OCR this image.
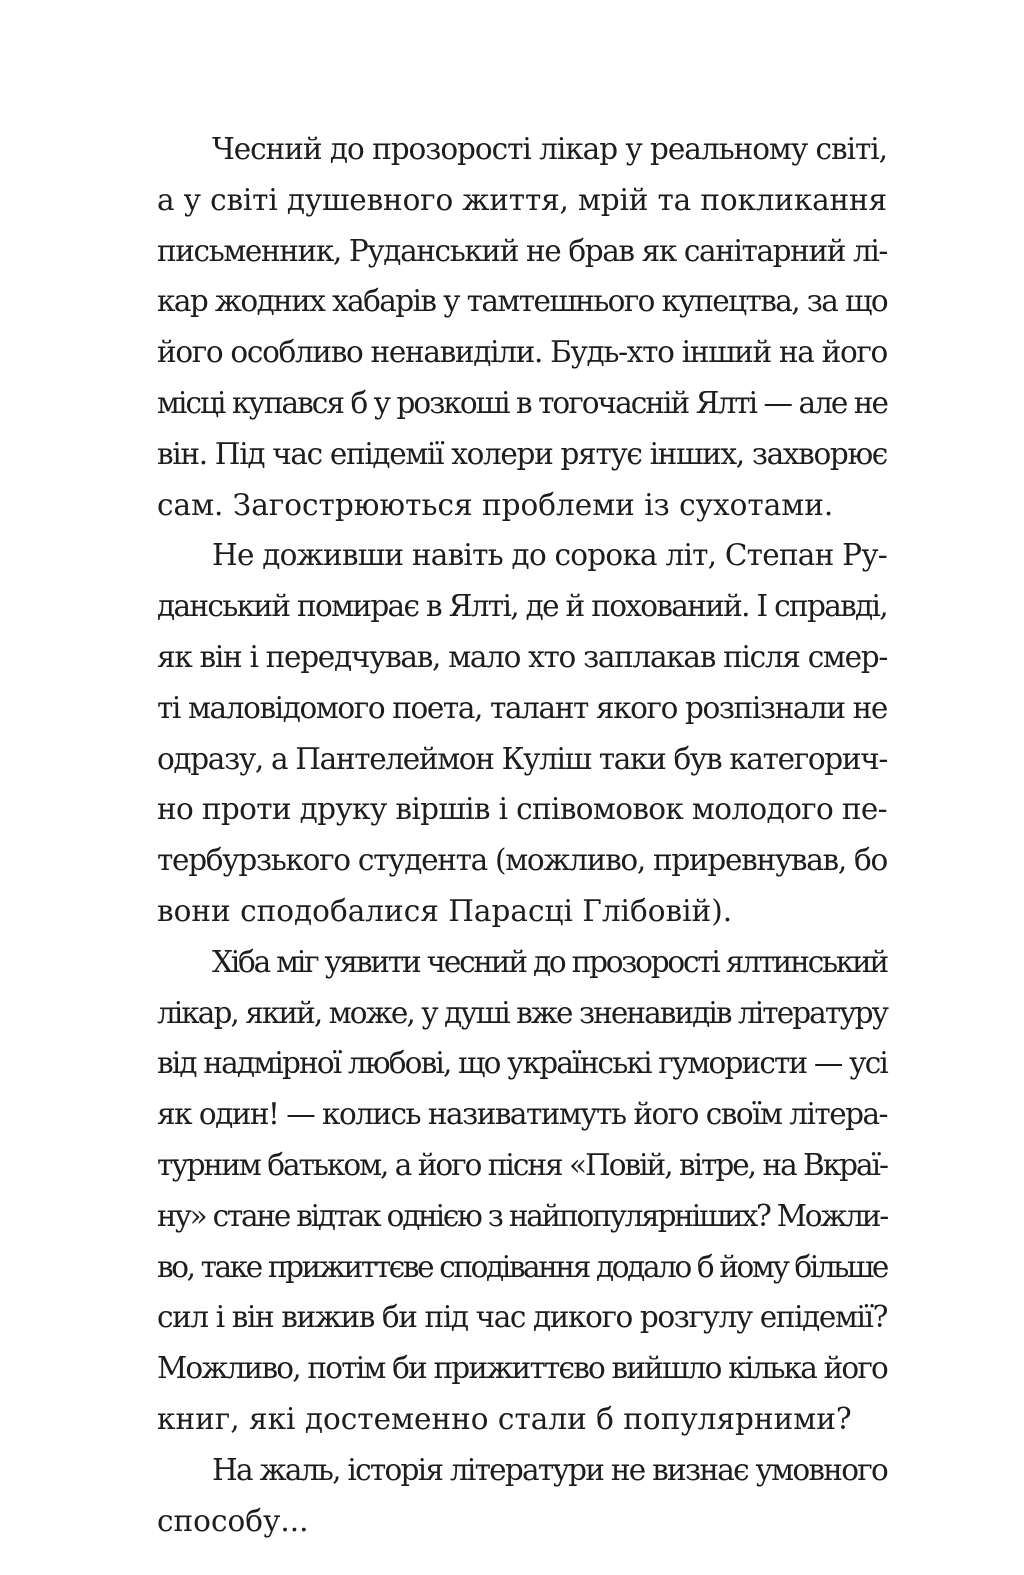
Чесний до прозорості лікар у реальному світі,
а у світі душевного життя, мрій та покликання
письменник, Руданський не брав як санітарний лі-
кар жодних хабарів у тамтешнього купецтва, за що
його особливо ненавиділи. Будь-хто інший на його
місці купався б у розкоші в тогочасній Ялті — але не
він. Під час епідемії холери рятує інших, захворює
сам. Загострюються проблеми із сухотами.
Не доживши навіть до сорока літ, Степан Ру-
данський помирає в Ялті, де й похований. І справді,
як він і передчував, мало хто заплакав після смер-
ті маловідомого поета, талант якого розпізнали не
одразу, а Пантелеймон Куліш таки був категорич-
но проти друку віршів і співомовок молодого пе-
тербурзького студента (можливо, приревнував, бо
вони сподобалися Парасці Глібовій).
Хіба міг уявити чесний до прозорості ялтинський
лікар, який, може, у душі вже зненавидів літературу
від надмірної любові, що українські гумористи — усі
як один! — колись називатимуть його своїм літера-
турним батьком, а його пісня «Повій, вітре, на Вкраї-
ну» стане відтак однією з найпопулярніших? Можли-
во, таке прижиттєве сподівання додало б йому більше
сил і він вижив би під час дикого розгулу епідемії?
Можливо, потім би прижиттєво вийшло кілька його
книг, які достеменно стали б популярними?
На жаль, історія літератури не визнає умовного
способу...
